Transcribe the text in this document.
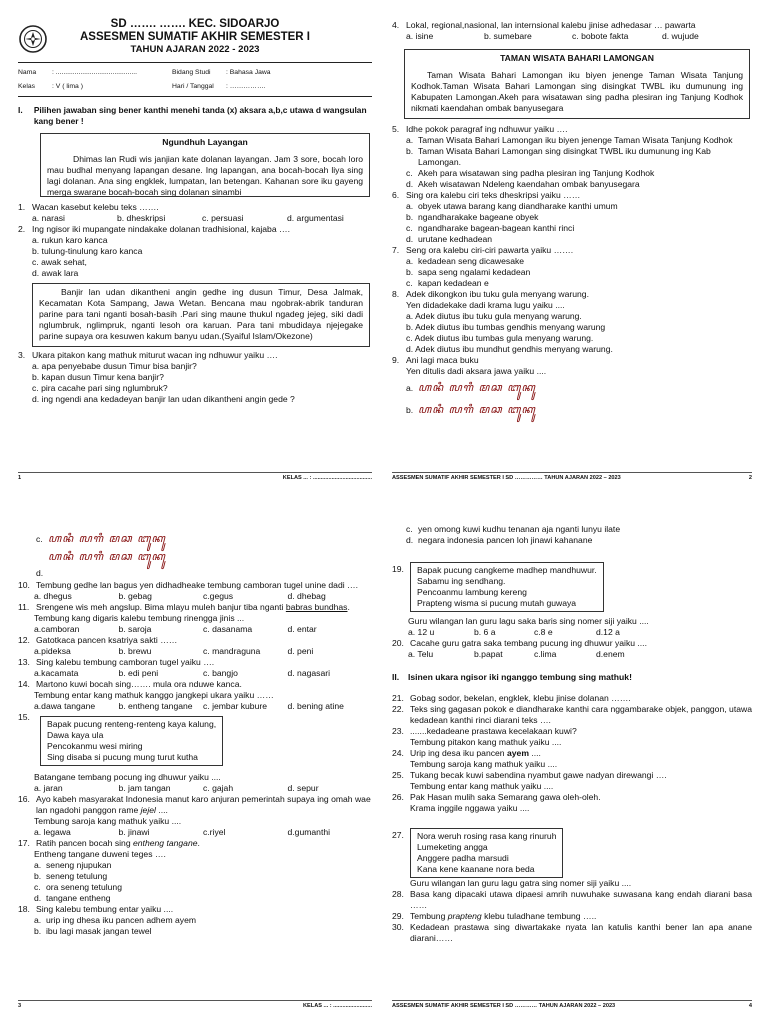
SD ……. ……. KEC. SIDOARJO
ASSESMEN SUMATIF AKHIR SEMESTER I
TAHUN AJARAN 2022 - 2023
Nama	: ...........................................	Bidang Studi	: Bahasa Jawa
Kelas	: V ( lima )	Hari / Tanggal	: …………….
I.	Pilihen jawaban sing bener kanthi menehi tanda (x) aksara a,b,c utawa d wangsulan kang bener !
Ngundhuh Layangan
Dhimas lan Rudi wis janjian kate dolanan layangan. Jam 3 sore, bocah loro mau budhal menyang lapangan desane. Ing lapangan, ana bocah-bocah liya sing lagi dolanan. Ana sing engklek, lumpatan, lan betengan. Kahanan sore iku gayeng merga swarane bocah-bocah sing dolanan sinambi
1. Wacan kasebut kelebu teks …….
a. narasi	b. dheskripsi	c. persuasi	d. argumentasi
2. Ing ngisor iki mupangate nindakake dolanan tradhisional, kajaba ….
a. rukun karo kanca
b. tulung-tinulung karo kanca
c. awak sehat,
d. awak lara
Banjir lan udan dikantheni angin gedhe ing dusun Timur, Desa Jalmak, Kecamatan Kota Sampang, Jawa Wetan. Bencana mau ngobrak-abrik tanduran parine para tani nganti bosah-basih .Pari sing maune thukul ngadeg jejeg, siki dadi nglumbruk, nglimpruk, nganti lesoh ora karuan. Para tani mbudidaya njejegake parine supaya ora kesuwen kakum banyu udan.(Syaiful Islam/Okezone)
3. Ukara pitakon kang mathuk miturut wacan ing ndhuwur yaiku ….
a. apa penyebabe dusun Timur bisa banjir?
b. kapan dusun Timur kena banjir?
c. pira cacahe pari sing nglumbruk?
d. ing ngendi ana kedadeyan banjir lan udan dikantheni angin gede ?
1	KELAS ... : ......................................
4. Lokal, regional,nasional, lan internsional kalebu jinise adhedasar … pawarta
a. isine	b. sumebare	c. bobote fakta	d. wujude
TAMAN WISATA BAHARI LAMONGAN
Taman Wisata Bahari Lamongan iku biyen jenenge Taman Wisata Tanjung Kodhok.Taman Wisata Bahari Lamongan sing disingkat TWBL iku dumunung ing Kabupaten Lamongan.Akeh para wisatawan sing padha plesiran ing Tanjung Kodhok nikmati kaendahan ombak banyusegara
5. Idhe pokok paragraf ing ndhuwur yaiku ….
a. Taman Wisata Bahari Lamongan iku biyen jenenge Taman Wisata Tanjung Kodhok
b. Taman Wisata Bahari Lamongan sing disingkat TWBL iku dumunung ing Kab Lamongan.
c. Akeh para wisatawan sing padha plesiran ing Tanjung Kodhok
d. Akeh wisatawan Ndeleng kaendahan ombak banyusegara
6. Sing ora kalebu ciri teks dheskripsi yaiku ……
a. obyek utawa barang kang diandharake kanthi umum
b. ngandharakake bageane obyek
c. ngandharake bagean-bagean kanthi rinci
d. urutane kedhadean
7. Seng ora kalebu ciri-ciri pawarta yaiku …….
a. kedadean seng dicawesake
b. sapa seng ngalami kedadean
c. kapan kedadean e
8. Adek dikongkon ibu tuku gula menyang warung.
Yen didadekake dadi krama lugu yaiku ....
a. Adek diutus ibu tuku gula menyang warung.
b. Adek diutus ibu tumbas gendhis menyang warung
c. Adek diutus ibu tumbas gula menyang warung.
d. Adek diutus ibu mundhut gendhis menyang warung.
9. Ani lagi maca buku
Yen ditulis dadi aksara jawa yaiku ....
a. ꦲꦤꦶ ꦭꦒꦶ ꦩꦕ ꦧꦸꦏꦸ
b. ꦲꦤꦶ ꦭꦒꦶ ꦩꦕ ꦧꦸꦏꦸ
ASSESMEN SUMATIF AKHIR SEMESTER I SD …………… TAHUN AJARAN 2022 – 2023	2
c. ꦲꦤꦶ ꦭꦒꦶ ꦩꦕ ꦧꦸꦏꦸ
ꦲꦤꦶ ꦭꦒꦶ ꦩꦕ ꦧꦸꦏꦸ
d.
10. Tembung gedhe lan bagus yen didhadheake tembung camboran tugel unine dadi ….
a. dhegus	b. gebag	c.gegus	d. dhebag
11. Srengene wis meh angslup. Bima mlayu muleh banjur tiba nganti babras bundhas.
Tembung kang digaris kalebu tembung rinengga jinis ...
a.camboran	b. saroja	c. dasanama	d. entar
12. Gatotkaca pancen ksatriya sakti ……
a.pideksa	b. brewu	c. mandraguna	d. peni
13. Sing kalebu tembung camboran tugel yaiku ….
a.kacamata	b. edi peni	c. bangjo	d. nagasari
14. Martono kuwi bocah sing……. mula ora nduwe kanca.
Tembung entar kang mathuk kanggo jangkepi ukara yaiku ……
a.dawa tangane	b. entheng tangane	c. jembar kubure	d. bening atine
15.
Bapak pucung renteng-renteng kaya kalung,
Dawa kaya ula
Pencokanmu wesi miring
Sing disaba si pucung mung turut kutha
Batangane tembang pocung ing dhuwur yaiku ....
a. jaran	b. jam tangan	c. gajah	d. sepur
16. Ayo kabeh masyarakat Indonesia manut karo anjuran pemerintah supaya ing omah wae lan ngadohi panggon rame jejel ....
Tembung saroja kang mathuk yaiku ....
a. legawa	b. jinawi	c.riyel	d.gumanthi
17. Ratih pancen bocah sing entheng tangane.
Entheng tangane duweni teges ….
a. seneng njupukan
b. seneng tetulung
c. ora seneng tetulung
d. tangane entheng
18. Sing kalebu tembung entar yaiku ....
a. urip ing dhesa iku pancen adhem ayem
b. ibu lagi masak jangan tewel
3	KELAS ... : .........................
c. yen omong kuwi kudhu tenanan aja nganti lunyu ilate
d. negara indonesia pancen loh jinawi kahanane
19.	Bapak pucung cangkeme madhep mandhuwur.
Sabamu ing sendhang.
Pencoanmu lambung kereng
Prapteng wisma si pucung mutah guwaya
Guru wilangan lan guru lagu saka baris sing nomer siji yaiku ....
a. 12 u	b. 6 a	c.8 e	d.12 a
20. Cacahe guru gatra saka tembang pucung ing dhuwur yaiku ....
a. Telu	b.papat	c.lima	d.enem
II.	Isinen ukara ngisor iki nganggo tembung sing mathuk!
21. Gobag sodor, bekelan, engklek, klebu jinise dolanan …….
22. Teks sing gagasan pokok e diandharake kanthi cara nggambarake objek, panggon, utawa kedadean kanthi rinci diarani teks ….
23. .......kedadeane prastawa kecelakaan kuwi?
Tembung pitakon kang mathuk yaiku ....
24. Urip ing desa iku pancen ayem ....
Tembung saroja kang mathuk yaiku ....
25. Tukang becak kuwi sabendina nyambut gawe nadyan direwangi ….
Tembung entar kang mathuk yaiku ....
26. Pak Hasan mulih saka Semarang gawa oleh-oleh.
Krama inggile nggawa yaiku ....
27.	Nora weruh rosing rasa kang rinuruh
Lumeketing angga
Anggere padha marsudi
Kana kene kaanane nora beda
Guru wilangan lan guru lagu gatra sing nomer siji yaiku ....
28. Basa kang dipacaki utawa dipaesi amrih nuwuhake suwasana kang endah diarani basa ……
29. Tembung prapteng klebu tuladhane tembung …..
30. Kedadean prastawa sing diwartakake nyata lan katulis kanthi bener lan apa anane diarani……
ASSESMEN SUMATIF AKHIR SEMESTER I SD ………… TAHUN AJARAN 2022 – 2023	4
